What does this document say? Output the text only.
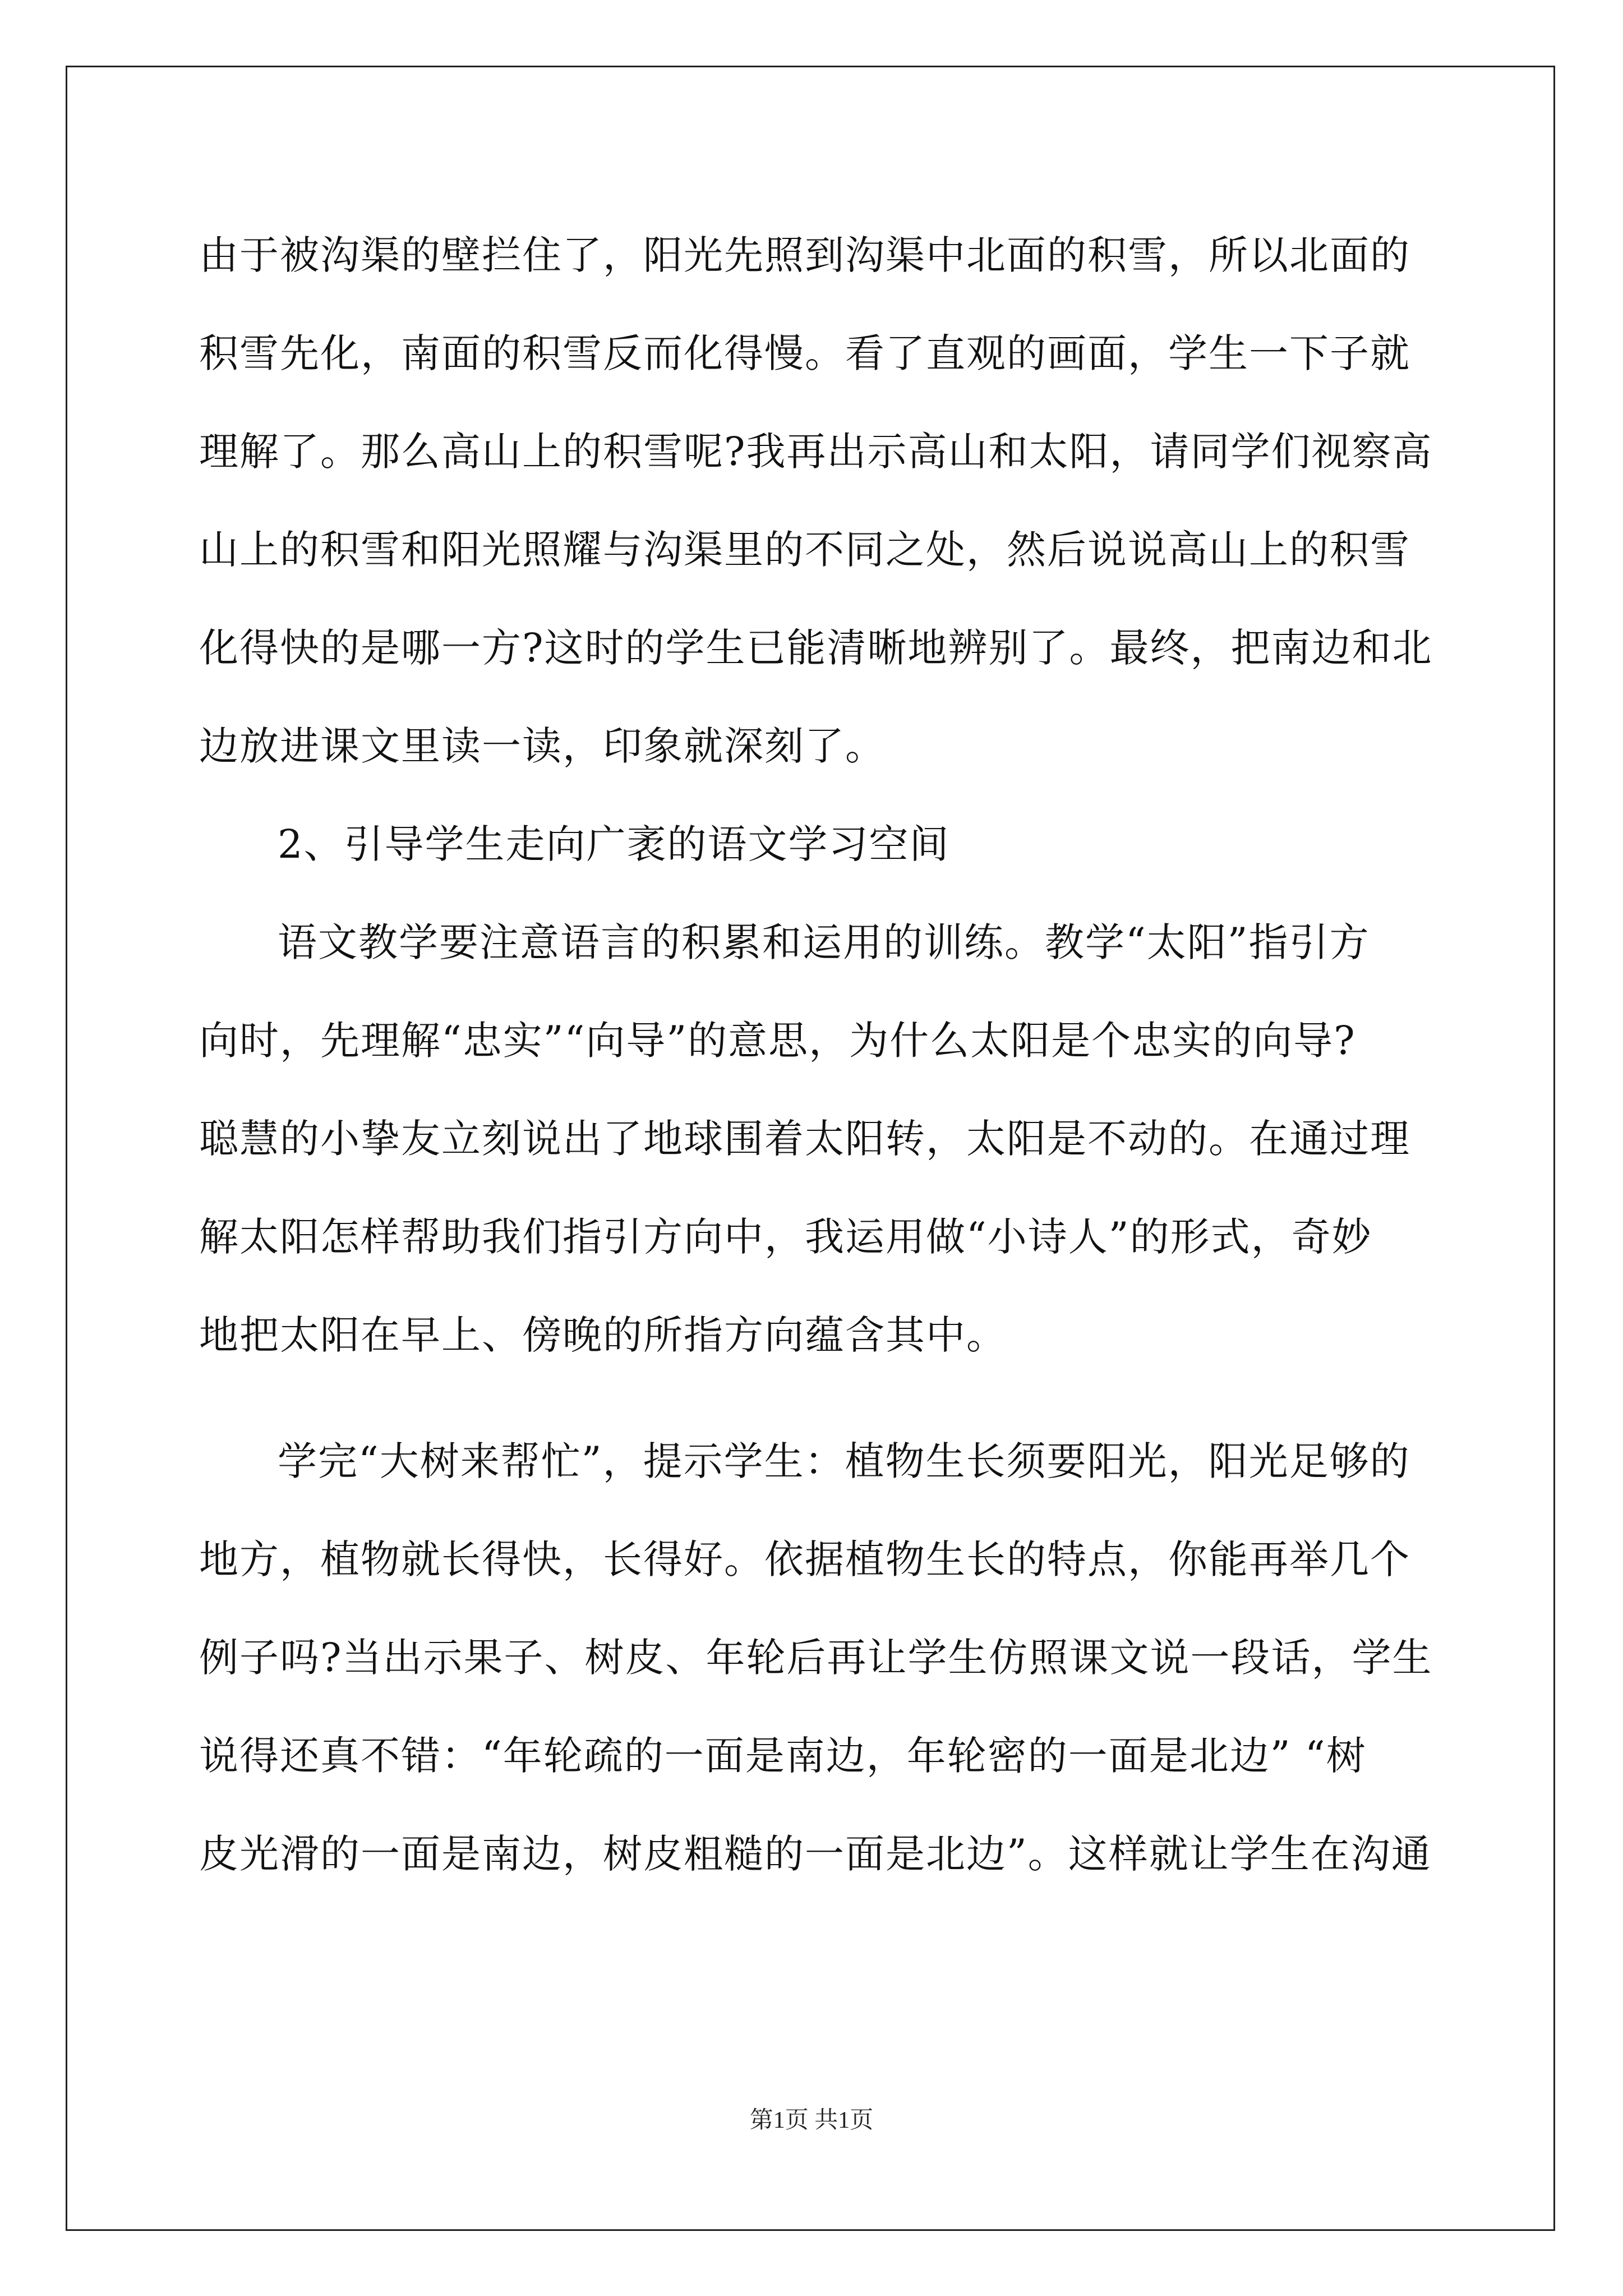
由于被沟渠的壁拦住了，阳光先照到沟渠中北面的积雪，所以北面的
积雪先化，南面的积雪反而化得慢。看了直观的画面，学生一下子就
理解了。那么高山上的积雪呢?我再出示高山和太阳，请同学们视察高
山上的积雪和阳光照耀与沟渠里的不同之处，然后说说高山上的积雪
化得快的是哪一方?这时的学生已能清晰地辨别了。最终，把南边和北
边放进课文里读一读，印象就深刻了。
2、引导学生走向广袤的语文学习空间
语文教学要注意语言的积累和运用的训练。教学“太阳”指引方
向时，先理解“忠实”“向导”的意思，为什么太阳是个忠实的向导?
聪慧的小挚友立刻说出了地球围着太阳转，太阳是不动的。在通过理
解太阳怎样帮助我们指引方向中，我运用做“小诗人”的形式，奇妙
地把太阳在早上、傍晚的所指方向蕴含其中。
学完“大树来帮忙”，提示学生：植物生长须要阳光，阳光足够的
地方，植物就长得快，长得好。依据植物生长的特点，你能再举几个
例子吗?当出示果子、树皮、年轮后再让学生仿照课文说一段话，学生
说得还真不错：“年轮疏的一面是南边，年轮密的一面是北边” “树
皮光滑的一面是南边，树皮粗糙的一面是北边”。这样就让学生在沟通
第1页 共1页
